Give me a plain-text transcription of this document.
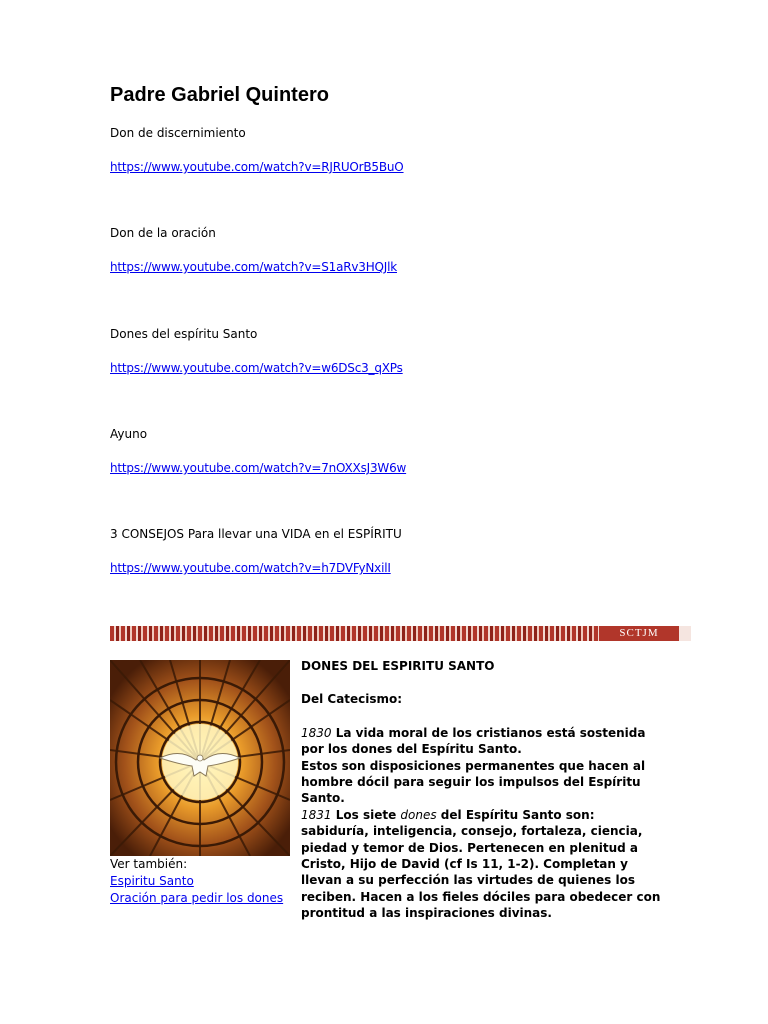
Padre Gabriel Quintero
Don de discernimiento
https://www.youtube.com/watch?v=RJRUOrB5BuO
Don de la oración
https://www.youtube.com/watch?v=S1aRv3HQJlk
Dones del espíritu Santo
https://www.youtube.com/watch?v=w6DSc3_qXPs
Ayuno
https://www.youtube.com/watch?v=7nOXXsJ3W6w
3 CONSEJOS Para llevar una VIDA en el ESPÍRITU
https://www.youtube.com/watch?v=h7DVFyNxilI
SCTJM
Ver también:
Espiritu Santo
Oración para pedir los dones

DONES DEL ESPIRITU SANTO

Del Catecismo:

1830 La vida moral de los cristianos está sostenida por los dones del Espíritu Santo.

Estos son disposiciones permanentes que hacen al hombre dócil para seguir los impulsos del Espíritu Santo.

1831 Los siete dones del Espíritu Santo son:

sabiduría, inteligencia, consejo, fortaleza, ciencia, piedad y temor de Dios. Pertenecen en plenitud a Cristo, Hijo de David (cf Is 11, 1-2). Completan y llevan a su perfección las virtudes de quienes los reciben. Hacen a los fieles dóciles para obedecer con prontitud a las inspiraciones divinas.
